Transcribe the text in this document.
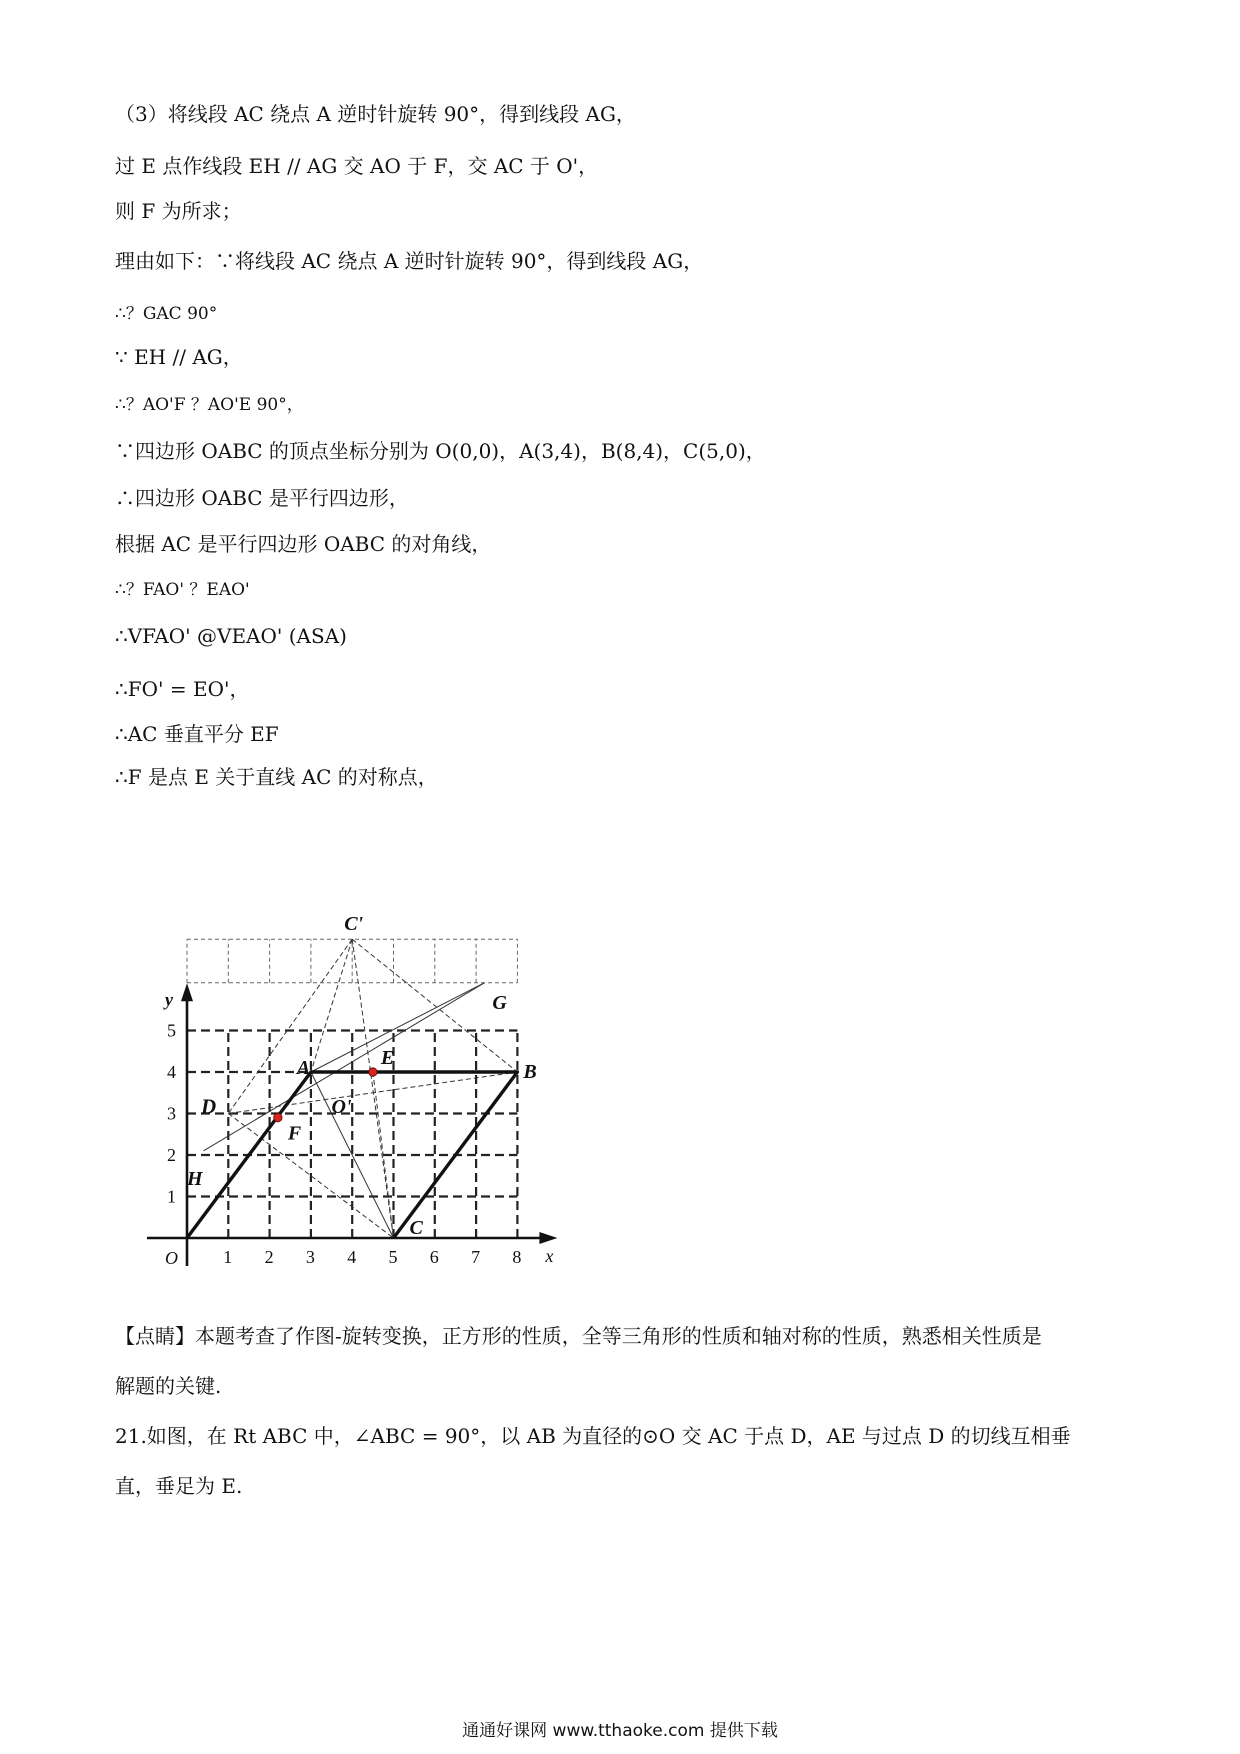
（3）将线段 AC 绕点 A 逆时针旋转 90°，得到线段 AG，
过 E 点作线段 EH // AG 交 AO 于 F，交 AC 于 O'，
则 F 为所求；
理由如下：∵将线段 AC 绕点 A 逆时针旋转 90°，得到线段 AG，
∴？GAC 90°
∵ EH // AG，
∴？AO'F ？AO'E 90°，
∵四边形 OABC 的顶点坐标分别为 O(0,0)，A(3,4)，B(8,4)，C(5,0)，
∴四边形 OABC 是平行四边形，
根据 AC 是平行四边形 OABC 的对角线，
∴？FAO' ？EAO'
∴VFAO' @VEAO' (ASA)
∴FO' = EO'，
∴AC 垂直平分 EF
∴F 是点 E 关于直线 AC 的对称点，
1 2 3 4 5 6 7 8
1
2
3
4
5
x
y
O
A	B
C
D
E
F
G
H
O'
C'
【点睛】本题考查了作图-旋转变换，正方形的性质，全等三角形的性质和轴对称的性质，熟悉相关性质是
解题的关键.
21.如图，在 Rt ABC 中，∠ABC = 90°，以 AB 为直径的⊙O 交 AC 于点 D，AE 与过点 D 的切线互相垂
直，垂足为 E.
通通好课网 www.tthaoke.com 提供下载
